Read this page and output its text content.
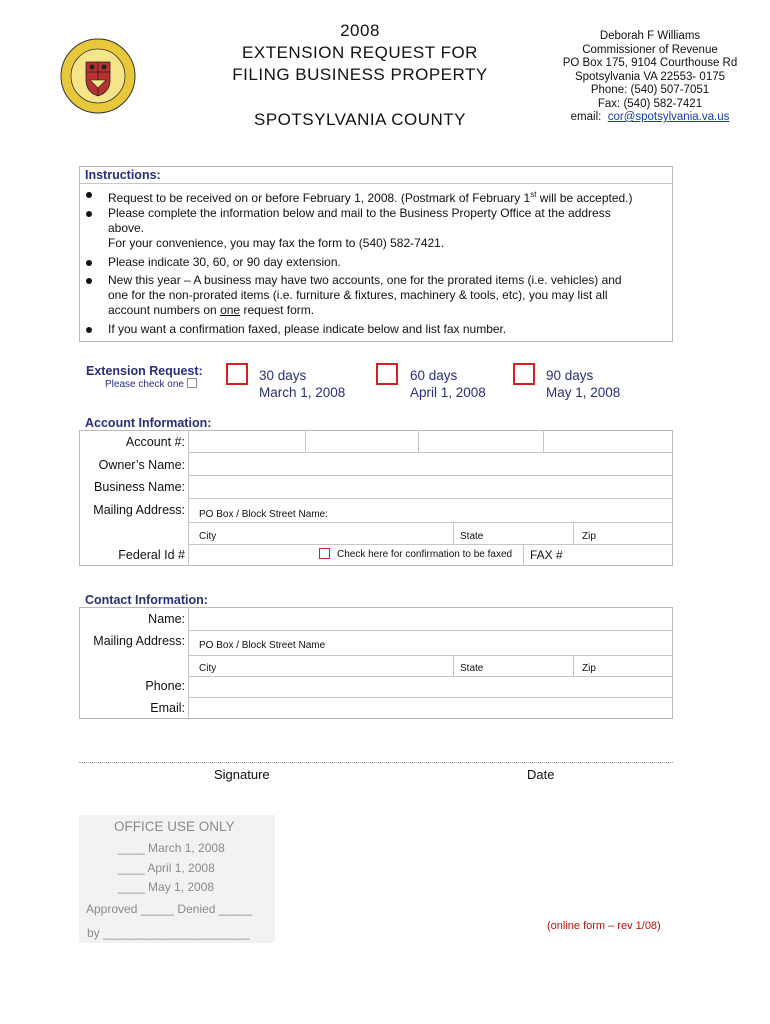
2008
EXTENSION REQUEST FOR
FILING BUSINESS PROPERTY
SPOTSYLVANIA COUNTY
Deborah F Williams
Commissioner of Revenue
PO Box 175, 9104 Courthouse Rd
Spotsylvania VA 22553- 0175
Phone: (540) 507-7051
Fax: (540) 582-7421
email: cor@spotsylvania.va.us
Instructions:
Request to be received on or before February 1, 2008. (Postmark of February 1st will be accepted.)
Please complete the information below and mail to the Business Property Office at the address
above.
For your convenience, you may fax the form to (540) 582-7421.
Please indicate 30, 60, or 90 day extension.
New this year – A business may have two accounts, one for the prorated items (i.e. vehicles) and
one for the non-prorated items (i.e. furniture & fixtures, machinery & tools, etc), you may list all
account numbers on one request form.
If you want a confirmation faxed, please indicate below and list fax number.
Extension Request:
Please check one
30 days
March 1, 2008
60 days
April 1, 2008
90 days
May 1, 2008
Account Information:
Account #:
Owner’s Name:
Business Name:
Mailing Address: PO Box / Block Street Name:
City	State	Zip
Federal Id #	Check here for confirmation to be faxed FAX #
Contact Information:
Name:
Mailing Address: PO Box / Block Street Name
City	State	Zip
Phone:
Email:
Signature	Date
OFFICE USE ONLY
____ March 1, 2008
____ April 1, 2008
____ May 1, 2008
Approved _____ Denied _____
by ______________________	(online form – rev 1/08)
